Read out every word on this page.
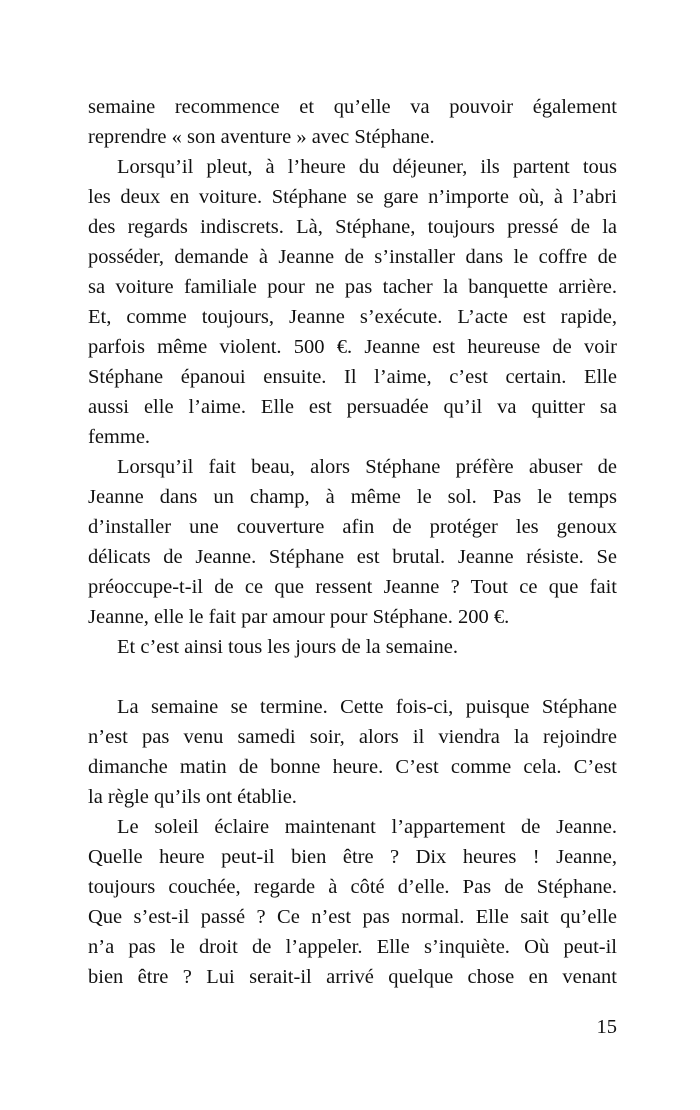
semaine recommence et qu’elle va pouvoir également
reprendre « son aventure » avec Stéphane.
Lorsqu’il pleut, à l’heure du déjeuner, ils partent tous
les deux en voiture. Stéphane se gare n’importe où, à l’abri
des regards indiscrets. Là, Stéphane, toujours pressé de la
posséder, demande à Jeanne de s’installer dans le coffre de
sa voiture familiale pour ne pas tacher la banquette arrière.
Et, comme toujours, Jeanne s’exécute. L’acte est rapide,
parfois même violent. 500 €. Jeanne est heureuse de voir
Stéphane épanoui ensuite. Il l’aime, c’est certain. Elle
aussi elle l’aime. Elle est persuadée qu’il va quitter sa
femme.
Lorsqu’il fait beau, alors Stéphane préfère abuser de
Jeanne dans un champ, à même le sol. Pas le temps
d’installer une couverture afin de protéger les genoux
délicats de Jeanne. Stéphane est brutal. Jeanne résiste. Se
préoccupe-t-il de ce que ressent Jeanne ? Tout ce que fait
Jeanne, elle le fait par amour pour Stéphane. 200 €.
Et c’est ainsi tous les jours de la semaine.
La semaine se termine. Cette fois-ci, puisque Stéphane
n’est pas venu samedi soir, alors il viendra la rejoindre
dimanche matin de bonne heure. C’est comme cela. C’est
la règle qu’ils ont établie.
Le soleil éclaire maintenant l’appartement de Jeanne.
Quelle heure peut-il bien être ? Dix heures ! Jeanne,
toujours couchée, regarde à côté d’elle. Pas de Stéphane.
Que s’est-il passé ? Ce n’est pas normal. Elle sait qu’elle
n’a pas le droit de l’appeler. Elle s’inquiète. Où peut-il
bien être ? Lui serait-il arrivé quelque chose en venant
15
